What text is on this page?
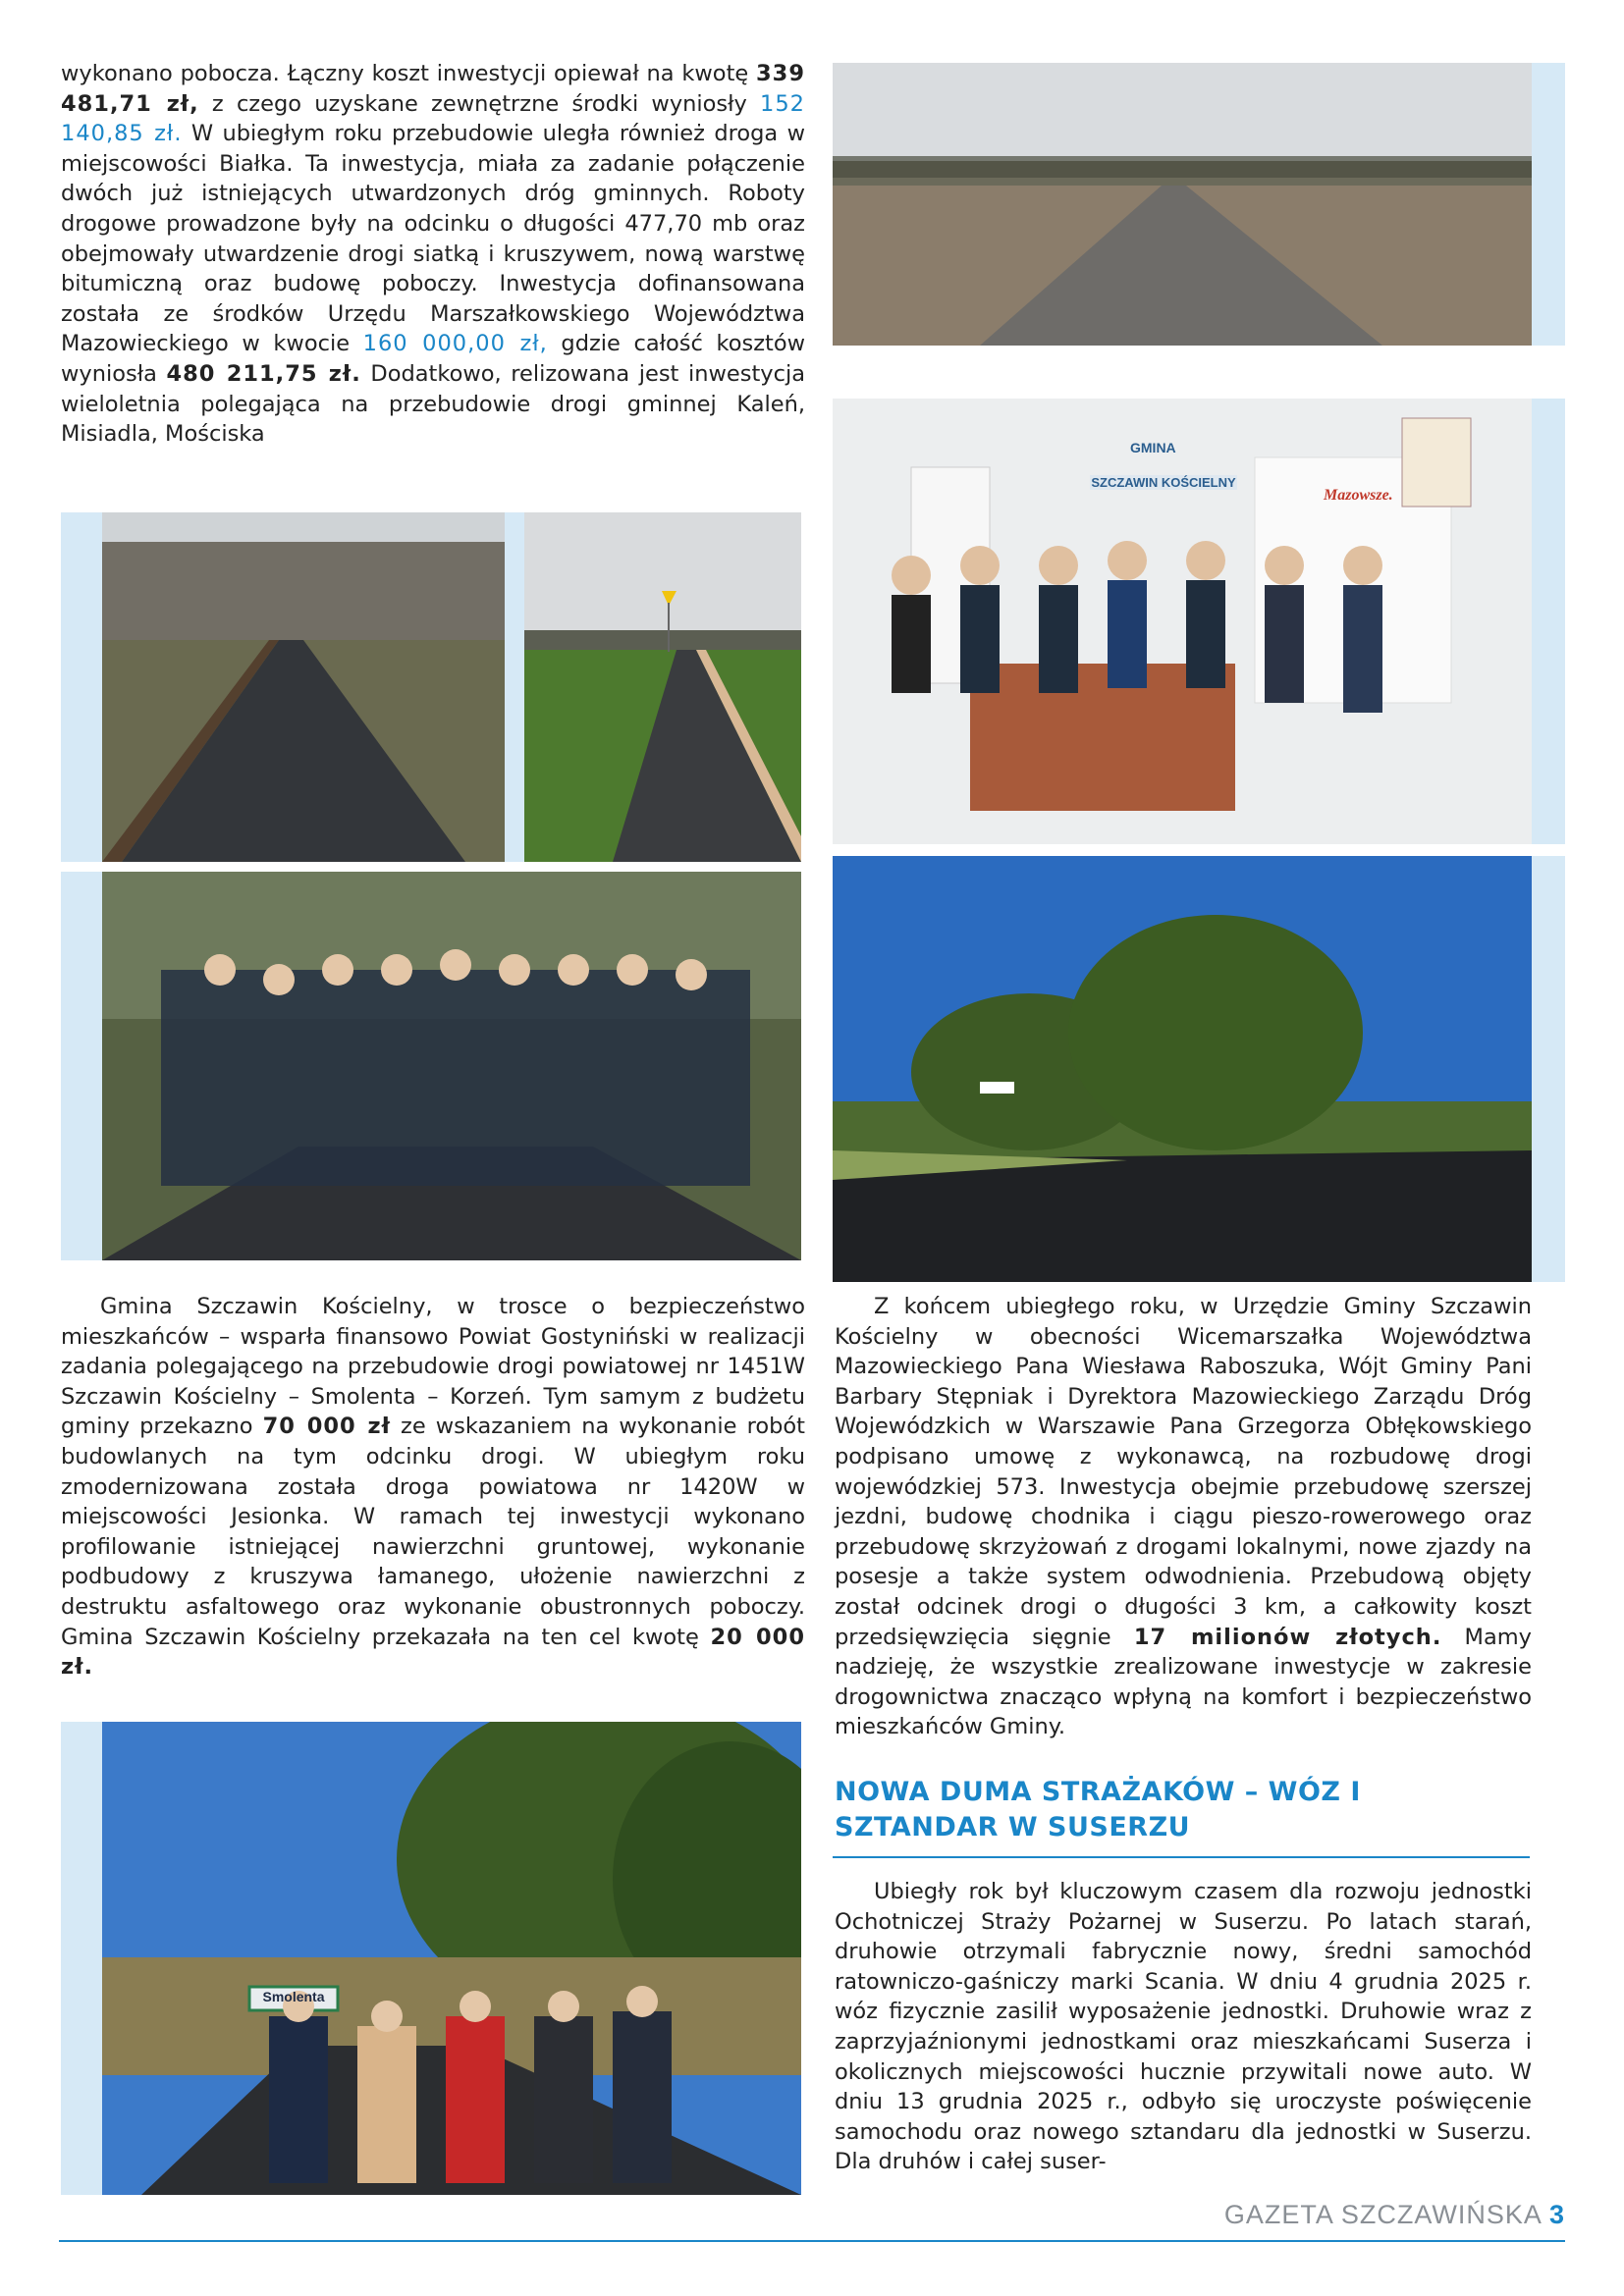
wykonano pobocza. Łączny koszt inwestycji opiewał na kwotę 339 481,71 zł, z czego uzyskane zewnętrzne środki wyniosły 152 140,85 zł. W ubiegłym roku przebudowie uległa również droga w miejscowości Białka. Ta inwestycja, miała za zadanie połączenie dwóch już istniejących utwardzonych dróg gminnych. Roboty drogowe prowadzone były na odcinku o długości 477,70 mb oraz obejmowały utwardzenie drogi siatką i kruszywem, nową warstwę bitumiczną oraz budowę poboczy. Inwestycja dofinansowana została ze środków Urzędu Marszałkowskiego Województwa Mazowieckiego w kwocie 160 000,00 zł, gdzie całość kosztów wyniosła 480 211,75 zł. Dodatkowo, relizowana jest inwestycja wieloletnia polegająca na przebudowie drogi gminnej Kaleń, Misiadla, Mościska

GMINA
SZCZAWIN KOŚCIELNY
Mazowsze.

Gmina Szczawin Kościelny, w trosce o bezpieczeństwo mieszkańców – wsparła finansowo Powiat Gostyniński w realizacji zadania polegającego na przebudowie drogi powiatowej nr 1451W Szczawin Kościelny – Smolenta – Korzeń. Tym samym z budżetu gminy przekazno 70 000 zł ze wskazaniem na wykonanie robót budowlanych na tym odcinku drogi. W ubiegłym roku zmodernizowana została droga powiatowa nr 1420W w miejscowości Jesionka. W ramach tej inwestycji wykonano profilowanie istniejącej nawierzchni gruntowej, wykonanie podbudowy z kruszywa łamanego, ułożenie nawierzchni z destruktu asfaltowego oraz wykonanie obustronnych poboczy. Gmina Szczawin Kościelny przekazała na ten cel kwotę 20 000 zł.

Z końcem ubiegłego roku, w Urzędzie Gminy Szczawin Kościelny w obecności Wicemarszałka Województwa Mazowieckiego Pana Wiesława Raboszuka, Wójt Gminy Pani Barbary Stępniak i Dyrektora Mazowieckiego Zarządu Dróg Wojewódzkich w Warszawie Pana Grzegorza Obłękowskiego podpisano umowę z wykonawcą, na rozbudowę drogi wojewódzkiej 573. Inwestycja obejmie przebudowę szerszej jezdni, budowę chodnika i ciągu pieszo-rowerowego oraz przebudowę skrzyżowań z drogami lokalnymi, nowe zjazdy na posesje a także system odwodnienia. Przebudową objęty został odcinek drogi o długości 3 km, a całkowity koszt przedsięwzięcia sięgnie 17 milionów złotych. Mamy nadzieję, że wszystkie zrealizowane inwestycje w zakresie drogownictwa znacząco wpłyną na komfort i bezpieczeństwo mieszkańców Gminy.

Smolenta
NOWA DUMA STRAŻAKÓW – WÓZ I SZTANDAR W SUSERZU

Ubiegły rok był kluczowym czasem dla rozwoju jednostki Ochotniczej Straży Pożarnej w Suserzu. Po latach starań, druhowie otrzymali fabrycznie nowy, średni samochód ratowniczo-gaśniczy marki Scania. W dniu 4 grudnia 2025 r. wóz fizycznie zasilił wyposażenie jednostki. Druhowie wraz z zaprzyjaźnionymi jednostkami oraz mieszkańcami Suserza i okolicznych miejscowości hucznie przywitali nowe auto. W dniu 13 grudnia 2025 r., odbyło się uroczyste poświęcenie samochodu oraz nowego sztandaru dla jednostki w Suserzu. Dla druhów i całej suser-

GAZETA SZCZAWIŃSKA 3
